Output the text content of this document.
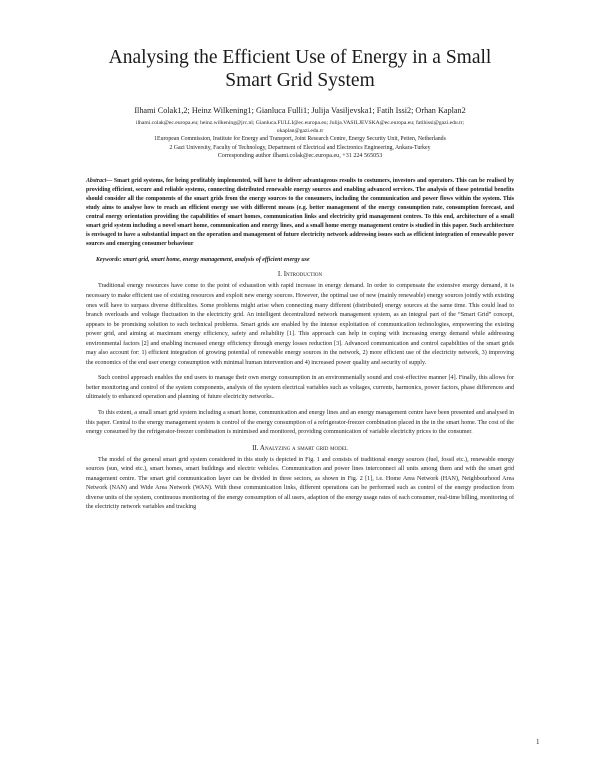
Analysing the Efficient Use of Energy in a Small Smart Grid System
Ilhami Colak1,2; Heinz Wilkening1; Gianluca Fulli1; Julija Vasiljevska1; Fatih Issi2; Orhan Kaplan2
ilhami.colak@ec.europa.eu; heinz.wilkening@jrc.nl; Gianluca.FULLI@ec.europa.eu; Julija.VASILJEVSKA@ec.europa.eu; fatihissi@gazi.edu.tr;
okaplan@gazi.edu.tr
1European Commission, Institute for Energy and Transport, Joint Research Centre, Energy Security Unit, Petten, Netherlands
2 Gazi University, Faculty of Technology, Department of Electrical and Electronics Engineering, Ankara-Turkey
Corresponding author ilhami.colak@ec.europa.eu, +31 224 565053
Abstract— Smart grid systems, for being profitably implemented, will have to deliver advantageous results to costumers, investors and operators. This can be realised by providing efficient, secure and reliable systems, connecting distributed renewable energy sources and enabling advanced services. The analysis of those potential benefits should consider all the components of the smart grids from the energy sources to the consumers, including the communication and power flows within the system. This study aims to analyse how to reach an efficient energy use with different means (e.g. better management of the energy consumption rate, consumption forecast, and central energy orientation providing the capabilities of smart homes, communication links and electricity grid management centres. To this end, architecture of a small smart grid system including a novel smart home, communication and energy lines, and a small home energy management centre is studied in this paper. Such architecture is envisaged to have a substantial impact on the operation and management of future electricity network addressing issues such as efficient integration of renewable power sources and emerging consumer behaviour
Keywords: smart grid, smart home, energy management, analysis of efficient energy use
I. Introduction

Traditional energy resources have come to the point of exhaustion with rapid increase in energy demand. In order to compensate the extensive energy demand, it is necessary to make efficient use of existing resources and exploit new energy sources. However, the optimal use of new (mainly renewable) energy sources jointly with existing ones will have to surpass diverse difficulties. Some problems might arise when connecting many different (distributed) energy sources at the same time. This could lead to branch overloads and voltage fluctuation in the electricity grid. An intelligent decentralized network management system, as an integral part of the “Smart Grid” concept, appears to be promising solution to such technical problems. Smart grids are enabled by the intense exploitation of communication technologies, empowering the existing power grid, and aiming at maximum energy efficiency, safety and reliability [1]. This approach can help in coping with increasing energy demand while addressing environmental factors [2] and enabling increased energy efficiency through energy losses reduction [3]. Advanced communication and control capabilities of the smart grids may also account for: 1) efficient integration of growing potential of renewable energy sources in the network, 2) more efficient use of the electricity network, 3) improving the economics of the end user energy consumption with minimal human intervention and 4) increased power quality and security of supply.

Such control approach enables the end users to manage their own energy consumption in an environmentally sound and cost-effective manner [4]. Finally, this allows for better monitoring and control of the system components, analysis of the system electrical variables such as voltages, currents, harmonics, power factors, phase differences and ultimately to enhanced operation and planning of future electricity networks..

To this extent, a small smart grid system including a smart home, communication and energy lines and an energy management centre have been presented and analysed in this paper. Central to the energy management system is control of the energy consumption of a refrigerator-freezer combination placed in the in the smart home. The cost of the energy consumed by the refrigerator-freezer combination is minimised and monitored, providing communication of variable electricity prices to the consumer.

II. Analyzing a smart grid model

The model of the general smart grid system considered in this study is depicted in Fig. 1 and consists of traditional energy sources (fuel, fossil etc.), renewable energy sources (sun, wind etc.), smart homes, smart buildings and electric vehicles. Communication and power lines interconnect all units among them and with the smart grid management centre. The smart grid communication layer can be divided in three sectors, as shown in Fig. 2 [1], i.e. Home Area Network (HAN), Neighbourhood Area Network (NAN) and Wide Area Network (WAN). With these communication links, different operations can be performed such as control of the energy production from diverse units of the system, continuous monitoring of the energy consumption of all users, adaption of the energy usage rates of each consumer, real-time billing, monitoring of the electricity network variables and tracking

1
